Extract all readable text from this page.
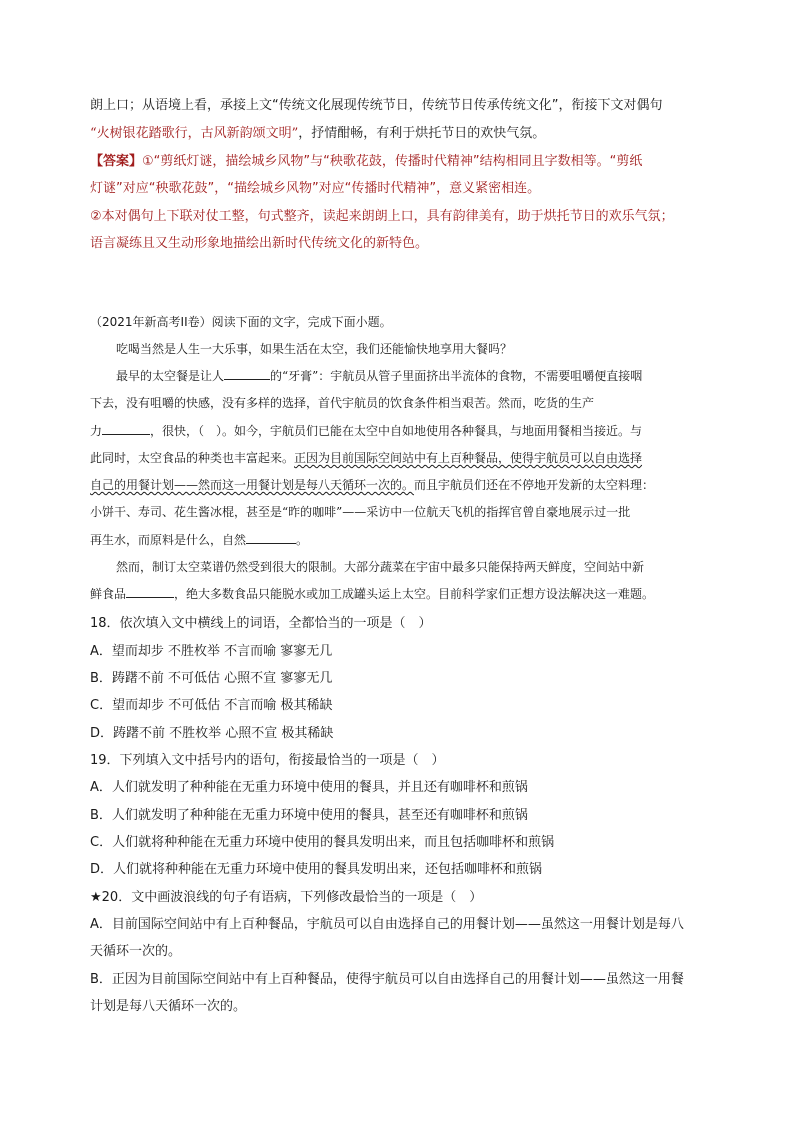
朗上口；从语境上看，承接上文“传统文化展现传统节日，传统节日传承传统文化”，衔接下文对偶句
“火树银花踏歌行，古风新韵颂文明”，抒情酣畅，有利于烘托节日的欢快气氛。
【答案】①“剪纸灯谜，描绘城乡风物”与“秧歌花鼓，传播时代精神”结构相同且字数相等。“剪纸
灯谜”对应“秧歌花鼓”，“描绘城乡风物”对应“传播时代精神”，意义紧密相连。
②本对偶句上下联对仗工整，句式整齐，读起来朗朗上口，具有韵律美有，助于烘托节日的欢乐气氛；
语言凝练且又生动形象地描绘出新时代传统文化的新特色。
（2021年新高考II卷）阅读下面的文字，完成下面小题。
吃喝当然是人生一大乐事，如果生活在太空，我们还能愉快地享用大餐吗？
最早的太空餐是让人	的“牙膏”：宇航员从管子里面挤出半流体的食物，不需要咀嚼便直接咽
下去，没有咀嚼的快感，没有多样的选择，首代宇航员的饮食条件相当艰苦。然而，吃货的生产
力	，很快，（　）。如今，宇航员们已能在太空中自如地使用各种餐具，与地面用餐相当接近。与
此同时，太空食品的种类也丰富起来。正因为目前国际空间站中有上百种餐品，使得宇航员可以自由选择
自己的用餐计划——然而这一用餐计划是每八天循环一次的。而且宇航员们还在不停地开发新的太空料理：
小饼干、寿司、花生酱冰棍，甚至是“昨的咖啡”——采访中一位航天飞机的指挥官曾自豪地展示过一批
再生水，而原料是什么，自然	。
然而，制订太空菜谱仍然受到很大的限制。大部分蔬菜在宇宙中最多只能保持两天鲜度，空间站中新
鲜食品	，绝大多数食品只能脱水或加工成罐头运上太空。目前科学家们正想方设法解决这一难题。
18．依次填入文中横线上的词语，全都恰当的一项是（　）
A．望而却步 不胜枚举 不言而喻 寥寥无几
B．踌躇不前 不可低估 心照不宣 寥寥无几
C．望而却步 不可低估 不言而喻 极其稀缺
D．踌躇不前 不胜枚举 心照不宣 极其稀缺
19．下列填入文中括号内的语句，衔接最恰当的一项是（　）
A．人们就发明了种种能在无重力环境中使用的餐具，并且还有咖啡杯和煎锅
B．人们就发明了种种能在无重力环境中使用的餐具，甚至还有咖啡杯和煎锅
C．人们就将种种能在无重力环境中使用的餐具发明出来，而且包括咖啡杯和煎锅
D．人们就将种种能在无重力环境中使用的餐具发明出来，还包括咖啡杯和煎锅
★20．文中画波浪线的句子有语病，下列修改最恰当的一项是（　）
A．目前国际空间站中有上百种餐品，宇航员可以自由选择自己的用餐计划——虽然这一用餐计划是每八
天循环一次的。
B．正因为目前国际空间站中有上百种餐品，使得宇航员可以自由选择自己的用餐计划——虽然这一用餐
计划是每八天循环一次的。
